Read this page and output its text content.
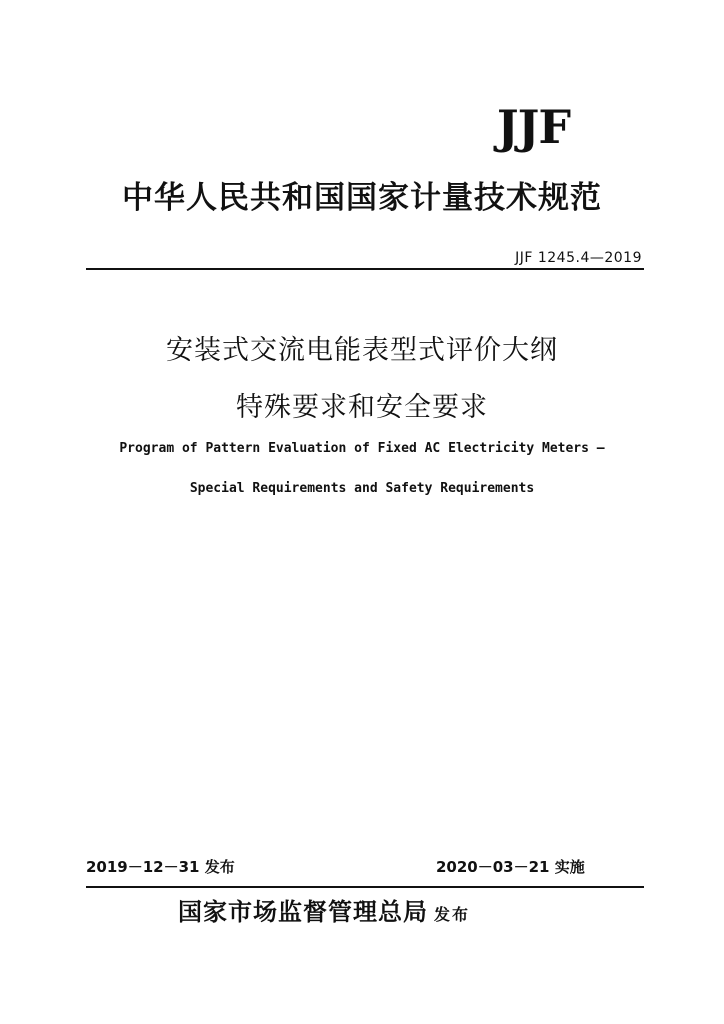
JJF
中华人民共和国国家计量技术规范
JJF 1245.4—2019
安装式交流电能表型式评价大纲
特殊要求和安全要求
Program of Pattern Evaluation of Fixed AC Electricity Meters —
Special Requirements and Safety Requirements
2019－12－31 发布	2020－03－21 实施
国家市场监督管理总局 发布
